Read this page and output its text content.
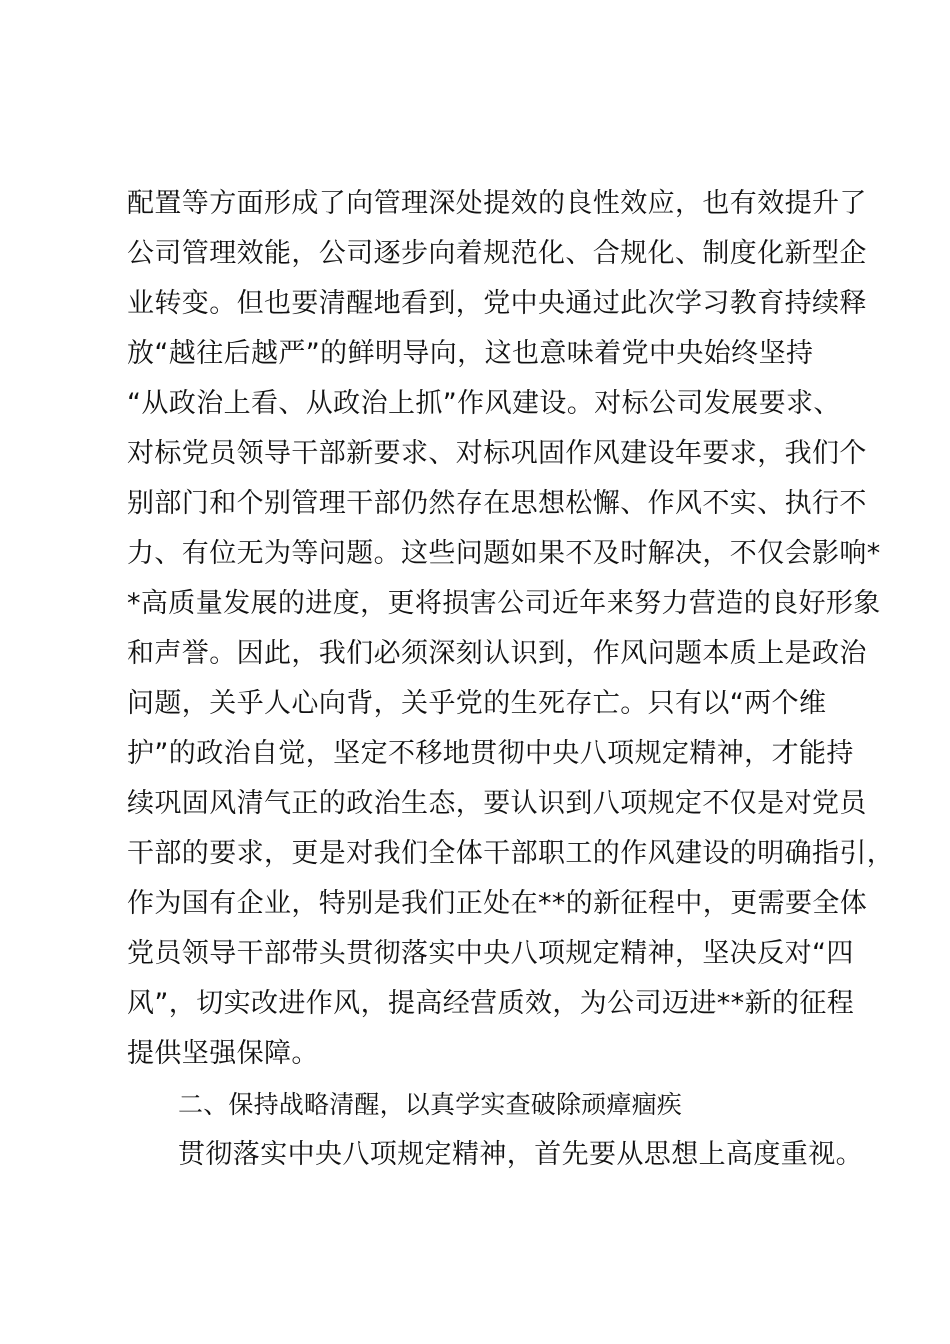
配置等方面形成了向管理深处提效的良性效应，也有效提升了
公司管理效能，公司逐步向着规范化、合规化、制度化新型企
业转变。但也要清醒地看到，党中央通过此次学习教育持续释
放“越往后越严”的鲜明导向，这也意味着党中央始终坚持
“从政治上看、从政治上抓”作风建设。对标公司发展要求、
对标党员领导干部新要求、对标巩固作风建设年要求，我们个
别部门和个别管理干部仍然存在思想松懈、作风不实、执行不
力、有位无为等问题。这些问题如果不及时解决，不仅会影响*
*高质量发展的进度，更将损害公司近年来努力营造的良好形象
和声誉。因此，我们必须深刻认识到，作风问题本质上是政治
问题，关乎人心向背，关乎党的生死存亡。只有以“两个维
护”的政治自觉，坚定不移地贯彻中央八项规定精神，才能持
续巩固风清气正的政治生态，要认识到八项规定不仅是对党员
干部的要求，更是对我们全体干部职工的作风建设的明确指引，
作为国有企业，特别是我们正处在**的新征程中，更需要全体
党员领导干部带头贯彻落实中央八项规定精神，坚决反对“四
风”，切实改进作风，提高经营质效，为公司迈进**新的征程
提供坚强保障。
二、保持战略清醒，以真学实查破除顽瘴痼疾
贯彻落实中央八项规定精神，首先要从思想上高度重视。
